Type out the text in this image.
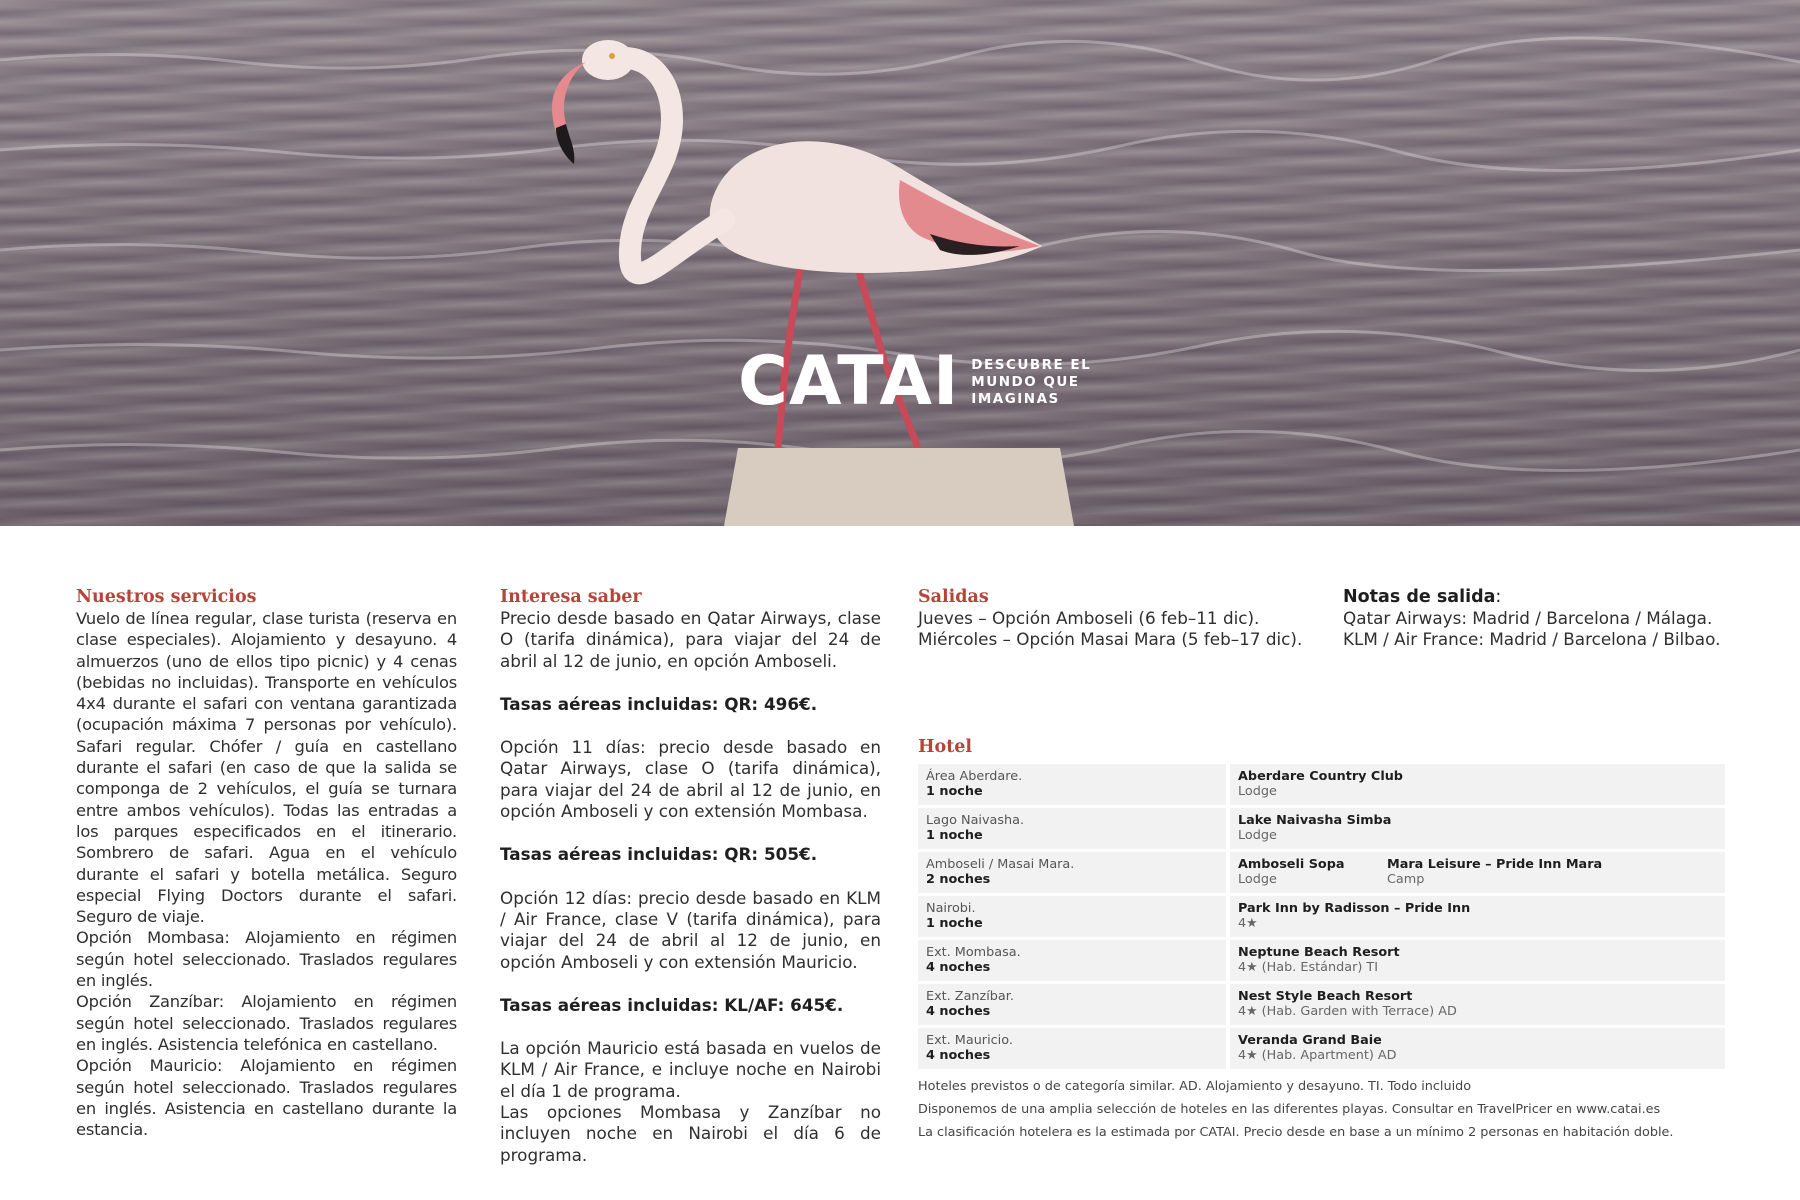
CATAI DESCUBRE EL
MUNDO QUE
IMAGINAS

Nuestros servicios

Vuelo de línea regular, clase turista (reserva en clase especiales). Alojamiento y desayuno. 4 almuerzos (uno de ellos tipo picnic) y 4 cenas (bebidas no incluidas). Transporte en vehículos 4x4 durante el safari con ventana garantizada (ocupación máxima 7 personas por vehículo). Safari regular. Chófer / guía en castellano durante el safari (en caso de que la salida se componga de 2 vehículos, el guía se turnara entre ambos vehículos). Todas las entradas a los parques especificados en el itinerario. Sombrero de safari. Agua en el vehículo durante el safari y botella metálica. Seguro especial Flying Doctors durante el safari. Seguro de viaje.

Opción Mombasa: Alojamiento en régimen según hotel seleccionado. Traslados regulares en inglés.

Opción Zanzíbar: Alojamiento en régimen según hotel seleccionado. Traslados regulares en inglés. Asistencia telefónica en castellano.

Opción Mauricio: Alojamiento en régimen según hotel seleccionado. Traslados regulares en inglés. Asistencia en castellano durante la estancia.

Interesa saber

Precio desde basado en Qatar Airways, clase O (tarifa dinámica), para viajar del 24 de abril al 12 de junio, en opción Amboseli.

Tasas aéreas incluidas: QR: 496€.

Opción 11 días: precio desde basado en Qatar Airways, clase O (tarifa dinámica), para viajar del 24 de abril al 12 de junio, en opción Amboseli y con extensión Mombasa.

Tasas aéreas incluidas: QR: 505€.

Opción 12 días: precio desde basado en KLM / Air France, clase V (tarifa dinámica), para viajar del 24 de abril al 12 de junio, en opción Amboseli y con extensión Mauricio.

Tasas aéreas incluidas: KL/AF: 645€.

La opción Mauricio está basada en vuelos de KLM / Air France, e incluye noche en Nairobi el día 1 de programa.

Las opciones Mombasa y Zanzíbar no incluyen noche en Nairobi el día 6 de programa.

Salidas

Jueves – Opción Amboseli (6 feb–11 dic).

Miércoles – Opción Masai Mara (5 feb–17 dic).

Notas de salida:

Qatar Airways: Madrid / Barcelona / Málaga.

KLM / Air France: Madrid / Barcelona / Bilbao.

Hotel

Área Aberdare.
1 noche
Aberdare Country Club
Lodge
Lago Naivasha.
1 noche
Lake Naivasha Simba
Lodge
Amboseli / Masai Mara.
2 noches
Amboseli Sopa
Lodge
Mara Leisure – Pride Inn Mara
Camp
Nairobi.
1 noche
Park Inn by Radisson – Pride Inn
4★
Ext. Mombasa.
4 noches
Neptune Beach Resort
4★ (Hab. Estándar) TI
Ext. Zanzíbar.
4 noches
Nest Style Beach Resort
4★ (Hab. Garden with Terrace) AD
Ext. Mauricio.
4 noches
Veranda Grand Baie
4★ (Hab. Apartment) AD

Hoteles previstos o de categoría similar. AD. Alojamiento y desayuno. TI. Todo incluido

Disponemos de una amplia selección de hoteles en las diferentes playas. Consultar en TravelPricer en www.catai.es

La clasificación hotelera es la estimada por CATAI. Precio desde en base a un mínimo 2 personas en habitación doble.
